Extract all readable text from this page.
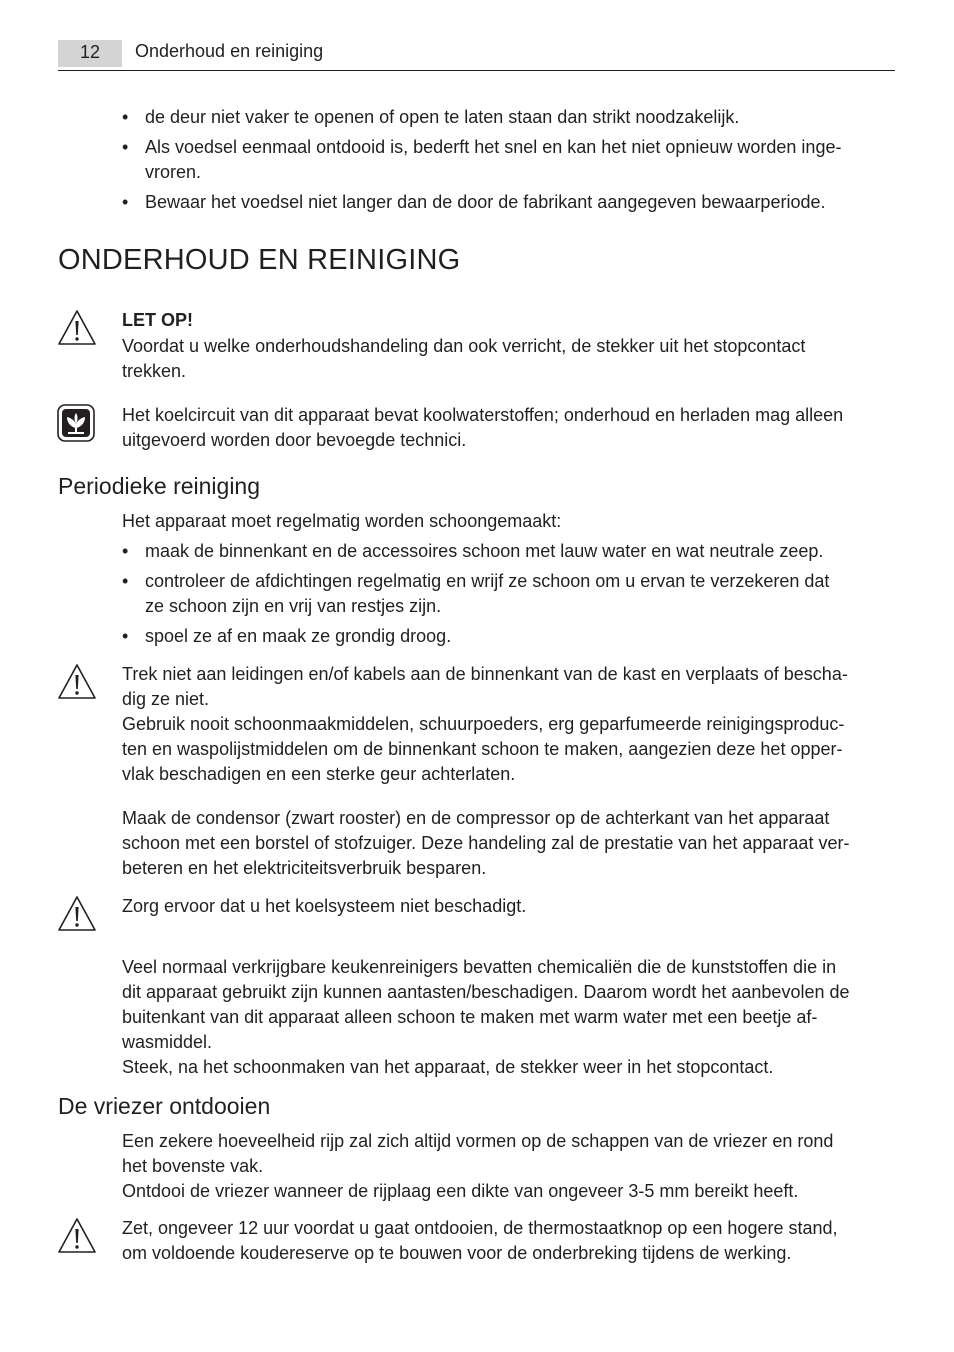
12	Onderhoud en reiniging
• de deur niet vaker te openen of open te laten staan dan strikt noodzakelijk.
• Als voedsel eenmaal ontdooid is, bederft het snel en kan het niet opnieuw worden inge-
vroren.
• Bewaar het voedsel niet langer dan de door de fabrikant aangegeven bewaarperiode.
ONDERHOUD EN REINIGING
LET OP!
Voordat u welke onderhoudshandeling dan ook verricht, de stekker uit het stopcontact
trekken.
Het koelcircuit van dit apparaat bevat koolwaterstoffen; onderhoud en herladen mag alleen
uitgevoerd worden door bevoegde technici.
Periodieke reiniging
Het apparaat moet regelmatig worden schoongemaakt:
• maak de binnenkant en de accessoires schoon met lauw water en wat neutrale zeep.
• controleer de afdichtingen regelmatig en wrijf ze schoon om u ervan te verzekeren dat
ze schoon zijn en vrij van restjes zijn.
• spoel ze af en maak ze grondig droog.
Trek niet aan leidingen en/of kabels aan de binnenkant van de kast en verplaats of bescha-
dig ze niet.
Gebruik nooit schoonmaakmiddelen, schuurpoeders, erg geparfumeerde reinigingsproduc-
ten en waspolijstmiddelen om de binnenkant schoon te maken, aangezien deze het opper-
vlak beschadigen en een sterke geur achterlaten.
Maak de condensor (zwart rooster) en de compressor op de achterkant van het apparaat
schoon met een borstel of stofzuiger. Deze handeling zal de prestatie van het apparaat ver-
beteren en het elektriciteitsverbruik besparen.
Zorg ervoor dat u het koelsysteem niet beschadigt.
Veel normaal verkrijgbare keukenreinigers bevatten chemicaliën die de kunststoffen die in
dit apparaat gebruikt zijn kunnen aantasten/beschadigen. Daarom wordt het aanbevolen de
buitenkant van dit apparaat alleen schoon te maken met warm water met een beetje af-
wasmiddel.
Steek, na het schoonmaken van het apparaat, de stekker weer in het stopcontact.
De vriezer ontdooien
Een zekere hoeveelheid rijp zal zich altijd vormen op de schappen van de vriezer en rond
het bovenste vak.
Ontdooi de vriezer wanneer de rijplaag een dikte van ongeveer 3-5 mm bereikt heeft.
Zet, ongeveer 12 uur voordat u gaat ontdooien, de thermostaatknop op een hogere stand,
om voldoende koudereserve op te bouwen voor de onderbreking tijdens de werking.
